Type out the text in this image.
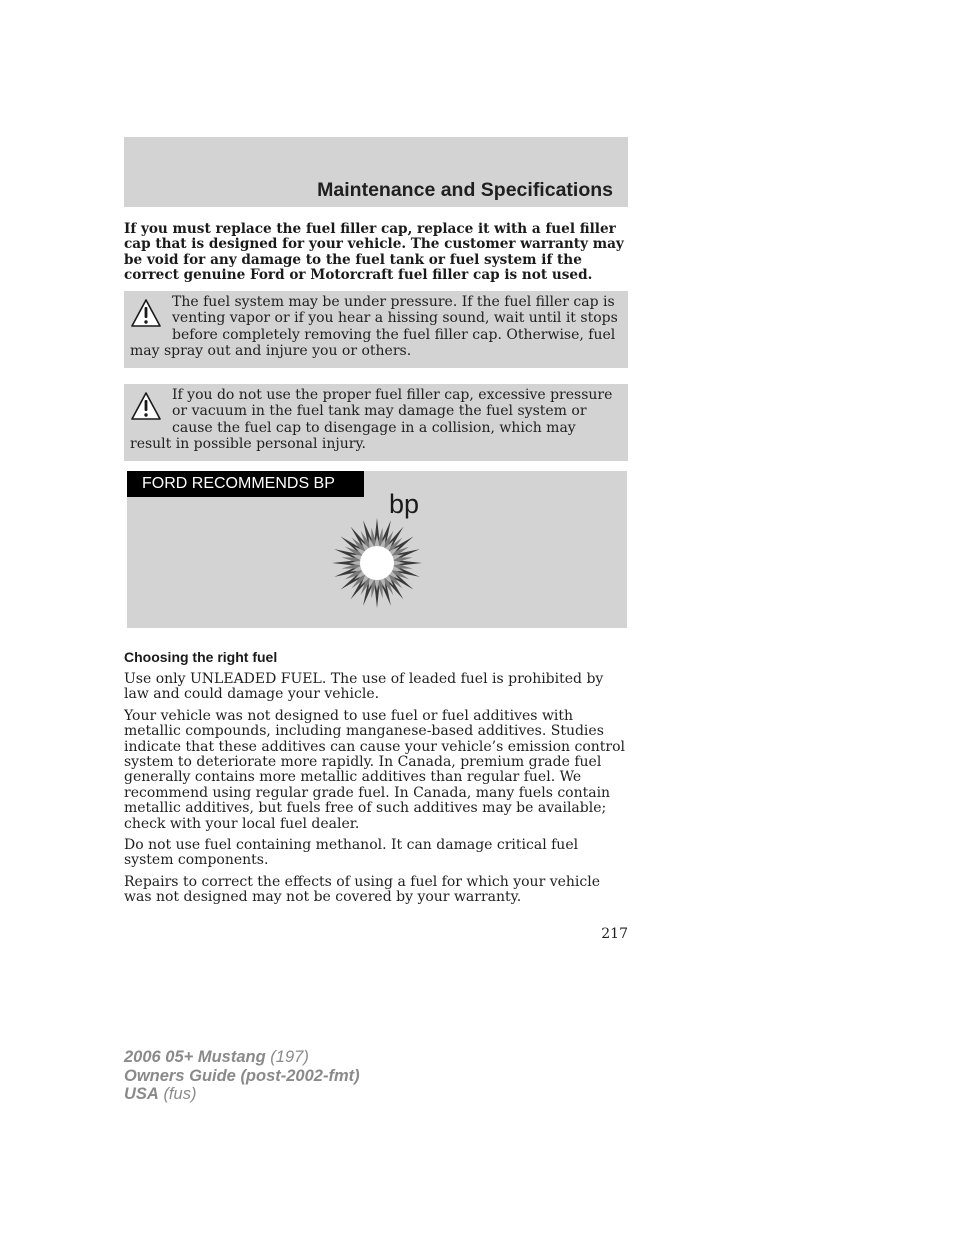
Maintenance and Specifications

If you must replace the fuel filler cap, replace it with a fuel filler cap that is designed for your vehicle. The customer warranty may be void for any damage to the fuel tank or fuel system if the correct genuine Ford or Motorcraft fuel filler cap is not used.

The fuel system may be under pressure. If the fuel filler cap is venting vapor or if you hear a hissing sound, wait until it stops before completely removing the fuel filler cap. Otherwise, fuel may spray out and injure you or others.

If you do not use the proper fuel filler cap, excessive pressure or vacuum in the fuel tank may damage the fuel system or cause the fuel cap to disengage in a collision, which may result in possible personal injury.

FORD RECOMMENDS BP
bp
Choosing the right fuel

Use only UNLEADED FUEL. The use of leaded fuel is prohibited by law and could damage your vehicle.

Your vehicle was not designed to use fuel or fuel additives with metallic compounds, including manganese-based additives. Studies indicate that these additives can cause your vehicle’s emission control system to deteriorate more rapidly. In Canada, premium grade fuel generally contains more metallic additives than regular fuel. We recommend using regular grade fuel. In Canada, many fuels contain metallic additives, but fuels free of such additives may be available; check with your local fuel dealer.

Do not use fuel containing methanol. It can damage critical fuel system components.

Repairs to correct the effects of using a fuel for which your vehicle was not designed may not be covered by your warranty.

217
2006 05+ Mustang (197)
Owners Guide (post-2002-fmt)
USA (fus)
